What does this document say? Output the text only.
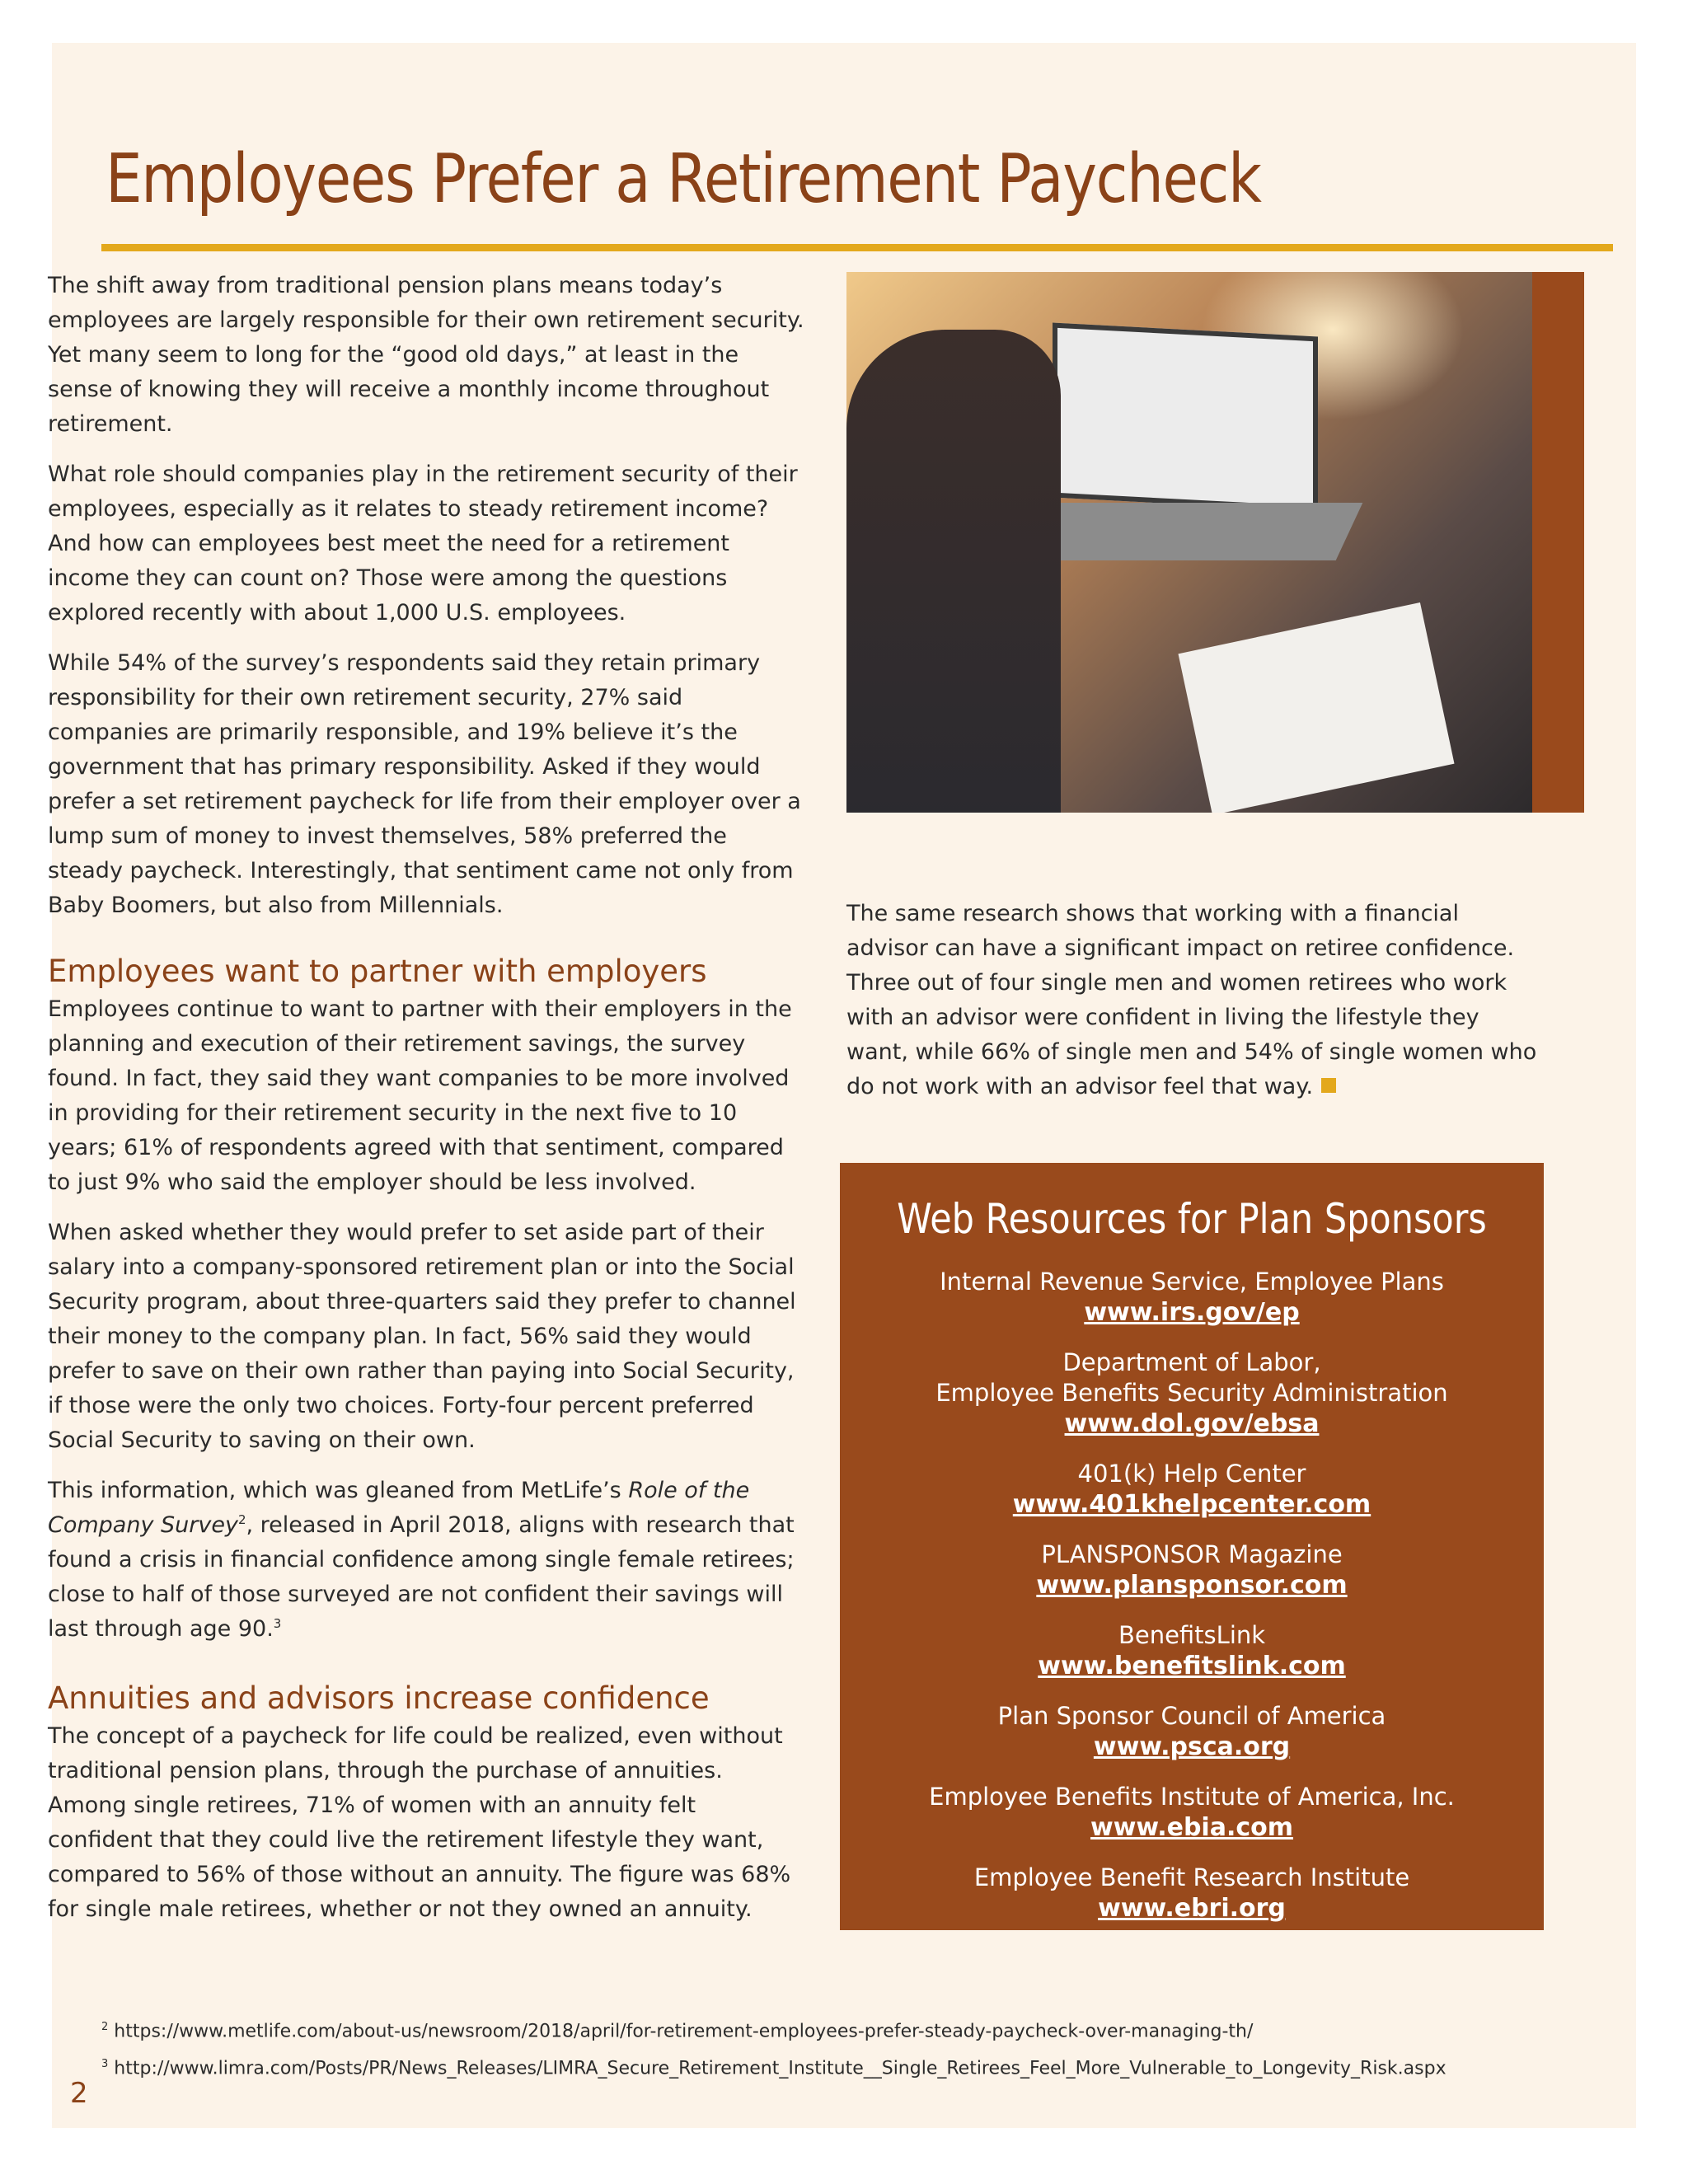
Employees Prefer a Retirement Paycheck

The shift away from traditional pension plans means today’s employees are largely responsible for their own retirement security. Yet many seem to long for the “good old days,” at least in the sense of knowing they will receive a monthly income throughout retirement.

What role should companies play in the retirement security of their employees, especially as it relates to steady retirement income? And how can employees best meet the need for a retirement income they can count on? Those were among the questions explored recently with about 1,000 U.S. employees.

While 54% of the survey’s respondents said they retain primary responsibility for their own retirement security, 27% said companies are primarily responsible, and 19% believe it’s the government that has primary responsibility. Asked if they would prefer a set retirement paycheck for life from their employer over a lump sum of money to invest themselves, 58% preferred the steady paycheck. Interestingly, that sentiment came not only from Baby Boomers, but also from Millennials.

Employees want to partner with employers

Employees continue to want to partner with their employers in the planning and execution of their retirement savings, the survey found. In fact, they said they want companies to be more involved in providing for their retirement security in the next five to 10 years; 61% of respondents agreed with that sentiment, compared to just 9% who said the employer should be less involved.

When asked whether they would prefer to set aside part of their salary into a company-sponsored retirement plan or into the Social Security program, about three-quarters said they prefer to channel their money to the company plan. In fact, 56% said they would prefer to save on their own rather than paying into Social Security, if those were the only two choices. Forty-four percent preferred Social Security to saving on their own.

This information, which was gleaned from MetLife’s Role of the Company Survey$^2$, released in April 2018, aligns with research that found a crisis in financial confidence among single female retirees; close to half of those surveyed are not confident their savings will last through age 90.$^3$

Annuities and advisors increase confidence

The concept of a paycheck for life could be realized, even without traditional pension plans, through the purchase of annuities. Among single retirees, 71% of women with an annuity felt confident that they could live the retirement lifestyle they want, compared to 56% of those without an annuity. The figure was 68% for single male retirees, whether or not they owned an annuity.

The same research shows that working with a financial advisor can have a significant impact on retiree confidence. Three out of four single men and women retirees who work with an advisor were confident in living the lifestyle they want, while 66% of single men and 54% of single women who do not work with an advisor feel that way.

Web Resources for Plan Sponsors
Internal Revenue Service, Employee Plans
www.irs.gov/ep
Department of Labor,
Employee Benefits Security Administration
www.dol.gov/ebsa
401(k) Help Center
www.401khelpcenter.com
PLANSPONSOR Magazine
www.plansponsor.com
BenefitsLink
www.benefitslink.com
Plan Sponsor Council of America
www.psca.org
Employee Benefits Institute of America, Inc.
www.ebia.com
Employee Benefit Research Institute
www.ebri.org
$^2$ https://www.metlife.com/about-us/newsroom/2018/april/for-retirement-employees-prefer-steady-paycheck-over-managing-th/
$^3$ http://www.limra.com/Posts/PR/News_Releases/LIMRA_Secure_Retirement_Institute__Single_Retirees_Feel_More_Vulnerable_to_Longevity_Risk.aspx
2
